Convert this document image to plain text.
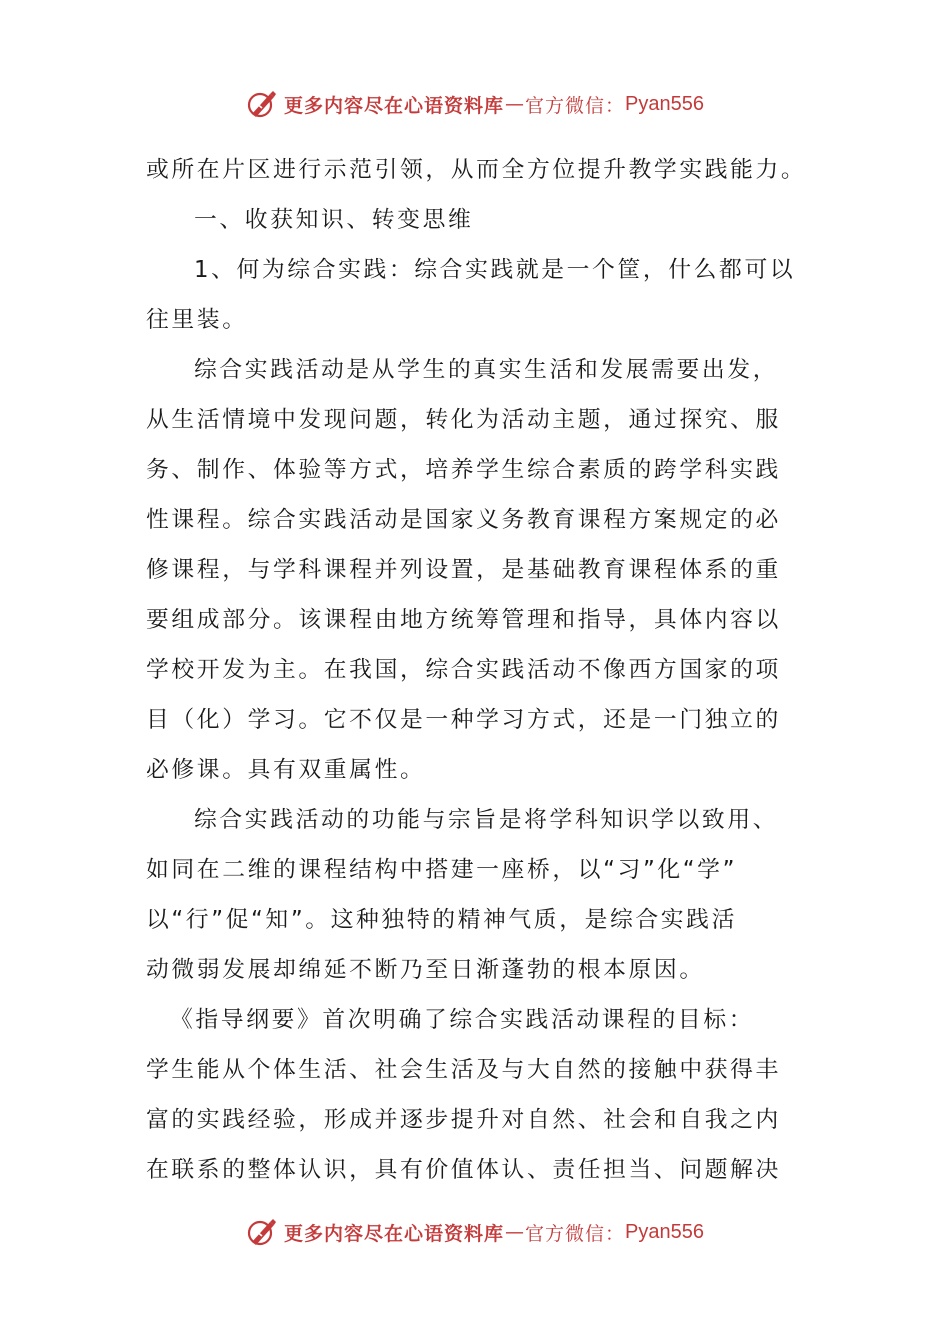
更多内容尽在心语资料库 — 官方微信： Pyan556
或所在片区进行示范引领，从而全方位提升教学实践能力。
一、收获知识、转变思维
1、何为综合实践：综合实践就是一个筐，什么都可以
往里装。
综合实践活动是从学生的真实生活和发展需要出发，
从生活情境中发现问题，转化为活动主题，通过探究、服
务、制作、体验等方式，培养学生综合素质的跨学科实践
性课程。综合实践活动是国家义务教育课程方案规定的必
修课程，与学科课程并列设置，是基础教育课程体系的重
要组成部分。该课程由地方统筹管理和指导，具体内容以
学校开发为主。在我国，综合实践活动不像西方国家的项
目（化）学习。它不仅是一种学习方式，还是一门独立的
必修课。具有双重属性。
综合实践活动的功能与宗旨是将学科知识学以致用、
如同在二维的课程结构中搭建一座桥，以“习”化“学”
以“行”促“知”。这种独特的精神气质，是综合实践活
动微弱发展却绵延不断乃至日渐蓬勃的根本原因。
《指导纲要》首次明确了综合实践活动课程的目标：
学生能从个体生活、社会生活及与大自然的接触中获得丰
富的实践经验，形成并逐步提升对自然、社会和自我之内
在联系的整体认识，具有价值体认、责任担当、问题解决
更多内容尽在心语资料库 — 官方微信： Pyan556
